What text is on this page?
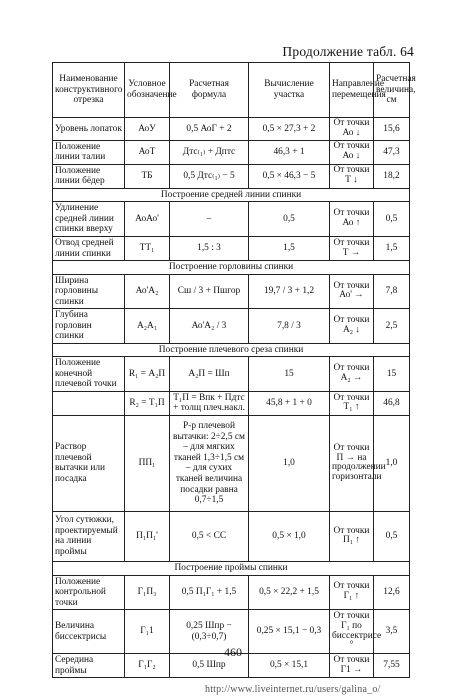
Продолжение табл. 64
Наименование конструктивного отрезка	Условное обозначение	Расчетная формула	Вычисление участка	Направление перемещения	Расчетная величина, см
Уровень лопаток	АоУ	0,5 АоГ + 2	0,5 × 27,3 + 2	От точки Ао ↓	15,6
Положение линии талии	АоТ	Дтс₍₁₎ + Дптс	46,3 + 1	От точки Ао ↓	47,3
Положение линии бёдер	ТБ	0,5 Дтс₍₁₎ − 5	0,5 × 46,3 − 5	От точки Т ↓	18,2
Построение средней линии спинки					
Удлинение средней линии спинки вверху	АоАо'	–	0,5	От точки Ао ↑	0,5
Отвод средней линии спинки	ТТ₁	1,5 : 3	1,5	От точки Т →	1,5
Построение горловины спинки					
Ширина горловины спинки	Ао'А₂	Сш / 3 + Пшгор	19,7 / 3 + 1,2	От точки Ао' →	7,8
Глубина горловин спинки	А₂А₁	Ао'А₂ / 3	7,8 / 3	От точки А₂ ↓	2,5
Построение плечевого среза спинки					
Положение конечной плечевой точки	R₁ = А₂П	А₂П = Шп	15	От точки А₂ →	15
	R₂ = Т₁П	Т₁П = Впк + Пдтс + толщ плеч.накл.	45,8 + 1 + 0	От точки Т₁ ↑	46,8
Раствор плечевой вытачки или посадка	ПП₁	Р-р плечевой вытачки: 2÷2,5 см – для мягких тканей 1,3÷1,5 см – для сухих тканей величина посадки равна 0,7÷1,5	1,0	От точки П → на продолжении горизонтали	1,0
Угол сутюжки, проектируемый на линии проймы	П₁П₁'	0,5 < СС	0,5 × 1,0	От точки П₁ ↑	0,5
Построение проймы спинки					
Положение контрольной точки	Г₁П₃	0,5 П₁Г₁ + 1,5	0,5 × 22,2 + 1,5	От точки Г₁ ↑	12,6
Величина биссектрисы	Г₁1	0,25 Шпр − (0,3÷0,7)	0,25 × 15,1 − 0,3	От точки Г₁ по биссектрисе °	3,5
Середина проймы	Г₁Г₂	0,5 Шпр	0,5 × 15,1	От точки Г1 →	7,55
460
http://www.liveinternet.ru/users/galina_o/
